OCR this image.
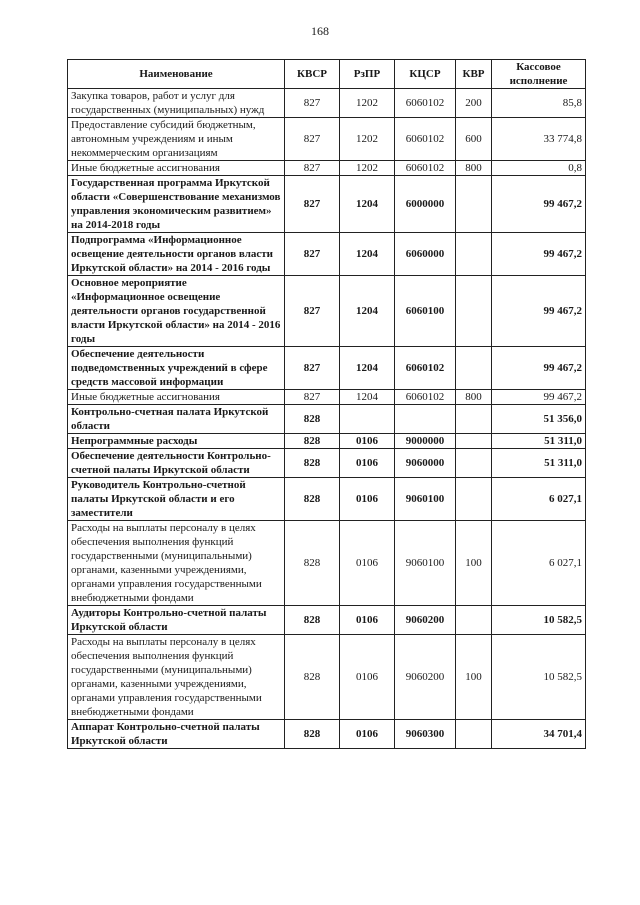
168
Наименование	КВСР	РзПР	КЦСР	КВР	Кассовое исполнение
Закупка товаров, работ и услуг для государственных (муниципальных) нужд	827	1202	6060102	200	85,8
Предоставление субсидий бюджетным, автономным учреждениям и иным некоммерческим организациям	827	1202	6060102	600	33 774,8
Иные бюджетные ассигнования	827	1202	6060102	800	0,8
Государственная программа Иркутской области «Совершенствование механизмов управления экономическим развитием» на 2014-2018 годы	827	1204	6000000		99 467,2
Подпрограмма «Информационное освещение деятельности органов власти Иркутской области» на 2014 - 2016 годы	827	1204	6060000		99 467,2
Основное мероприятие «Информационное освещение деятельности органов государственной власти Иркутской области» на 2014 - 2016 годы	827	1204	6060100		99 467,2
Обеспечение деятельности подведомственных учреждений в сфере средств массовой информации	827	1204	6060102		99 467,2
Иные бюджетные ассигнования	827	1204	6060102	800	99 467,2
Контрольно-счетная палата Иркутской области	828				51 356,0
Непрограммные расходы	828	0106	9000000		51 311,0
Обеспечение деятельности Контрольно-счетной палаты Иркутской области	828	0106	9060000		51 311,0
Руководитель Контрольно-счетной палаты Иркутской области и его заместители	828	0106	9060100		6 027,1
Расходы на выплаты персоналу в целях обеспечения выполнения функций государственными (муниципальными) органами, казенными учреждениями, органами управления государственными внебюджетными фондами	828	0106	9060100	100	6 027,1
Аудиторы Контрольно-счетной палаты Иркутской области	828	0106	9060200		10 582,5
Расходы на выплаты персоналу в целях обеспечения выполнения функций государственными (муниципальными) органами, казенными учреждениями, органами управления государственными внебюджетными фондами	828	0106	9060200	100	10 582,5
Аппарат Контрольно-счетной палаты Иркутской области	828	0106	9060300		34 701,4
